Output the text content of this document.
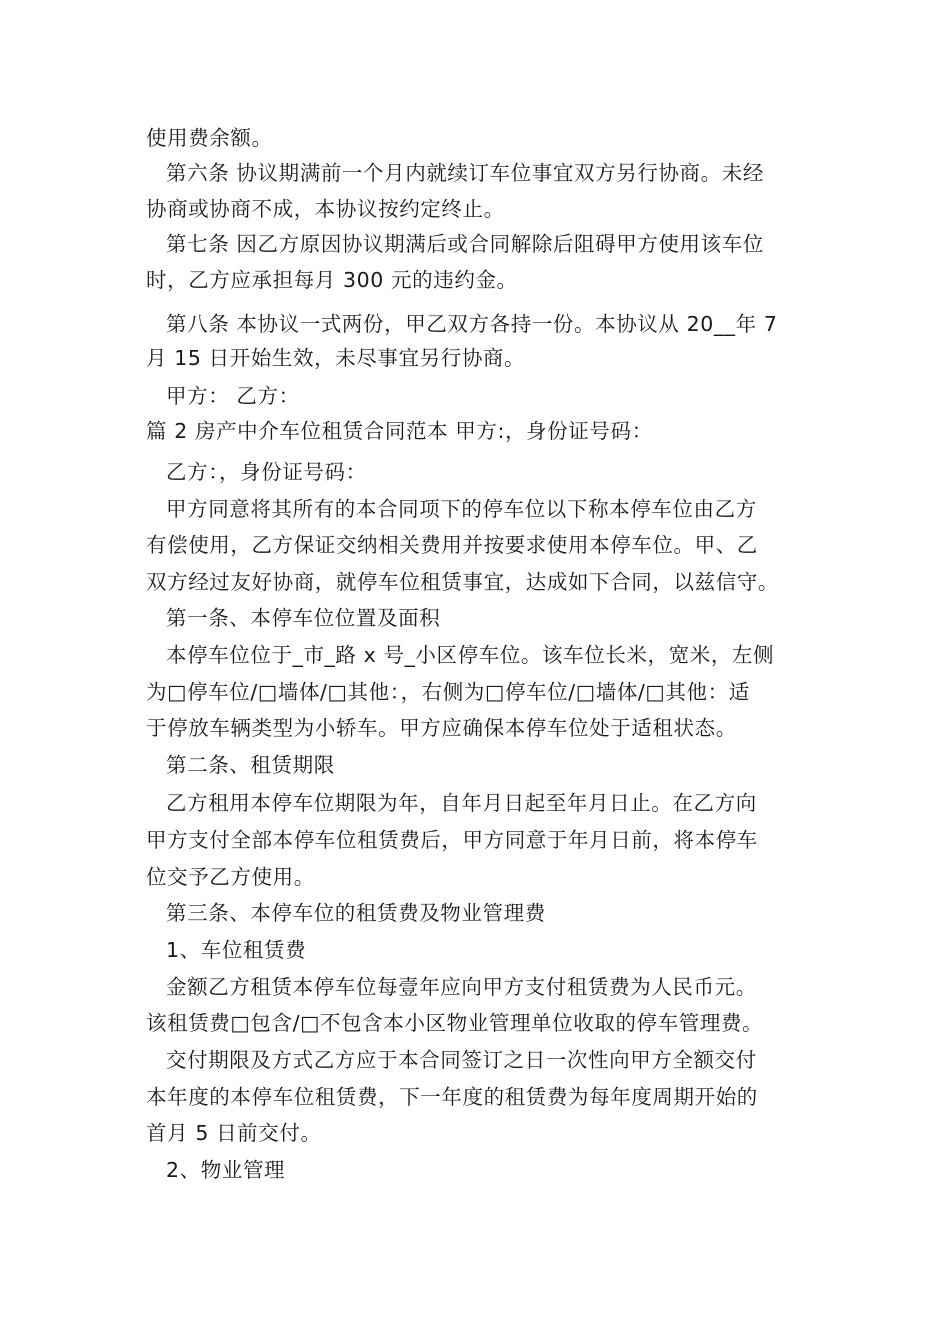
使用费余额。
第六条 协议期满前一个月内就续订车位事宜双方另行协商。未经
协商或协商不成，本协议按约定终止。
第七条 因乙方原因协议期满后或合同解除后阻碍甲方使用该车位
时，乙方应承担每月 300 元的违约金。
第八条 本协议一式两份，甲乙双方各持一份。本协议从 20__年 7
月 15 日开始生效，未尽事宜另行协商。
甲方： 乙方：
篇 2 房产中介车位租赁合同范本 甲方:，身份证号码：
乙方：，身份证号码：
甲方同意将其所有的本合同项下的停车位以下称本停车位由乙方
有偿使用，乙方保证交纳相关费用并按要求使用本停车位。甲、乙
双方经过友好协商，就停车位租赁事宜，达成如下合同，以兹信守。
第一条、本停车位位置及面积
本停车位位于_市_路 x 号_小区停车位。该车位长米，宽米，左侧
为□停车位/□墙体/□其他：，右侧为□停车位/□墙体/□其他：适
于停放车辆类型为小轿车。甲方应确保本停车位处于适租状态。
第二条、租赁期限
乙方租用本停车位期限为年，自年月日起至年月日止。在乙方向
甲方支付全部本停车位租赁费后，甲方同意于年月日前，将本停车
位交予乙方使用。
第三条、本停车位的租赁费及物业管理费
1、车位租赁费
金额乙方租赁本停车位每壹年应向甲方支付租赁费为人民币元。
该租赁费□包含/□不包含本小区物业管理单位收取的停车管理费。
交付期限及方式乙方应于本合同签订之日一次性向甲方全额交付
本年度的本停车位租赁费，下一年度的租赁费为每年度周期开始的
首月 5 日前交付。
2、物业管理
